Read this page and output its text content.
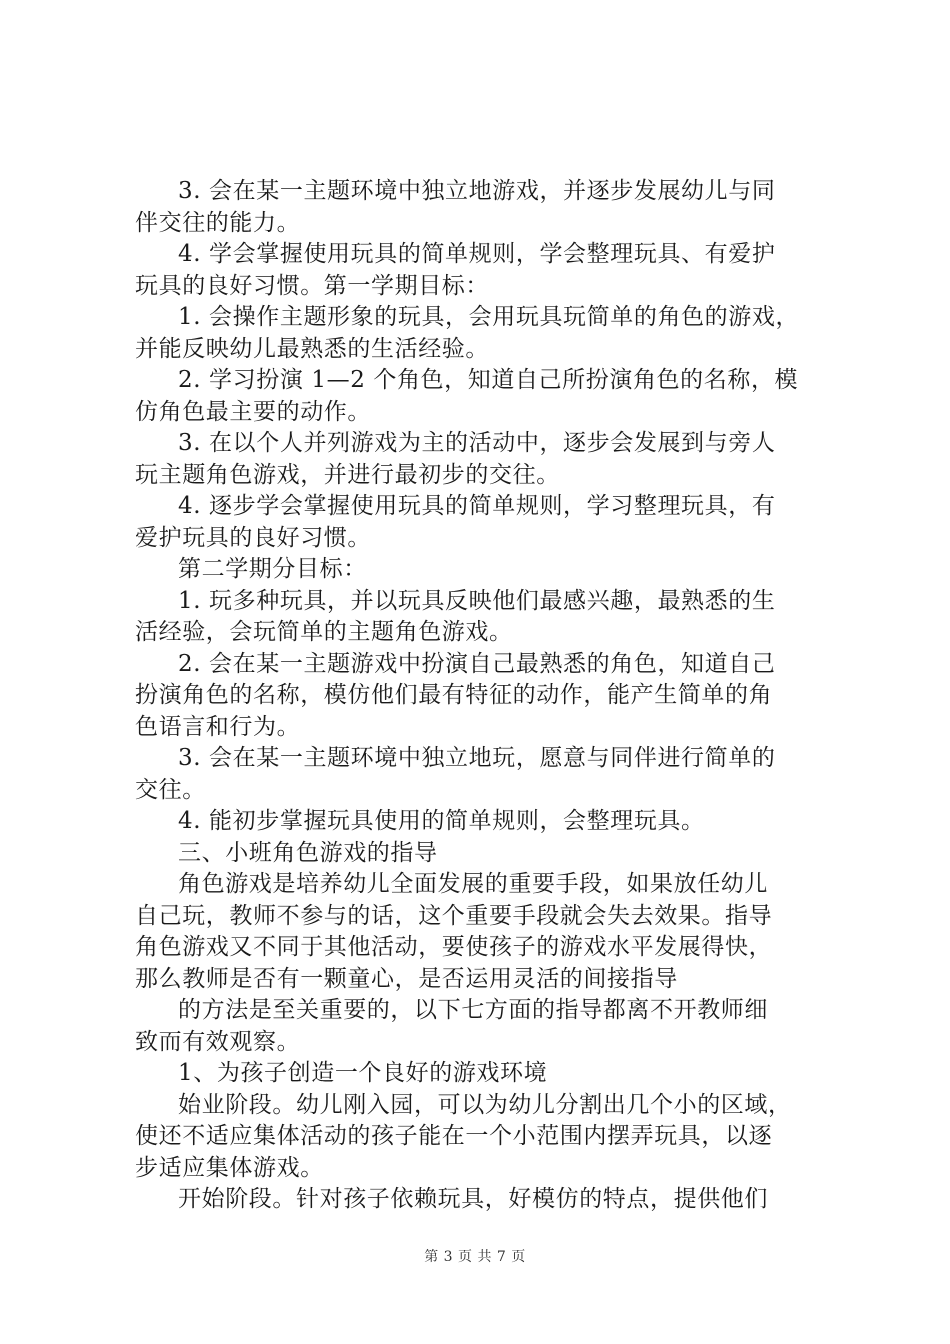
3. 会在某一主题环境中独立地游戏，并逐步发展幼儿与同
伴交往的能力。
4. 学会掌握使用玩具的简单规则，学会整理玩具、有爱护
玩具的良好习惯。第一学期目标：
1. 会操作主题形象的玩具，会用玩具玩简单的角色的游戏，
并能反映幼儿最熟悉的生活经验。
2. 学习扮演 1—2 个角色，知道自己所扮演角色的名称，模
仿角色最主要的动作。
3. 在以个人并列游戏为主的活动中，逐步会发展到与旁人
玩主题角色游戏，并进行最初步的交往。
4. 逐步学会掌握使用玩具的简单规则，学习整理玩具，有
爱护玩具的良好习惯。
第二学期分目标：
1. 玩多种玩具，并以玩具反映他们最感兴趣，最熟悉的生
活经验，会玩简单的主题角色游戏。
2. 会在某一主题游戏中扮演自己最熟悉的角色，知道自己
扮演角色的名称，模仿他们最有特征的动作，能产生简单的角
色语言和行为。
3. 会在某一主题环境中独立地玩，愿意与同伴进行简单的
交往。
4. 能初步掌握玩具使用的简单规则，会整理玩具。
三、小班角色游戏的指导
角色游戏是培养幼儿全面发展的重要手段，如果放任幼儿
自己玩，教师不参与的话，这个重要手段就会失去效果。指导
角色游戏又不同于其他活动，要使孩子的游戏水平发展得快，
那么教师是否有一颗童心，是否运用灵活的间接指导
的方法是至关重要的，以下七方面的指导都离不开教师细
致而有效观察。
1、为孩子创造一个良好的游戏环境
始业阶段。幼儿刚入园，可以为幼儿分割出几个小的区域，
使还不适应集体活动的孩子能在一个小范围内摆弄玩具，以逐
步适应集体游戏。
开始阶段。针对孩子依赖玩具，好模仿的特点，提供他们
第 3 页 共 7 页
